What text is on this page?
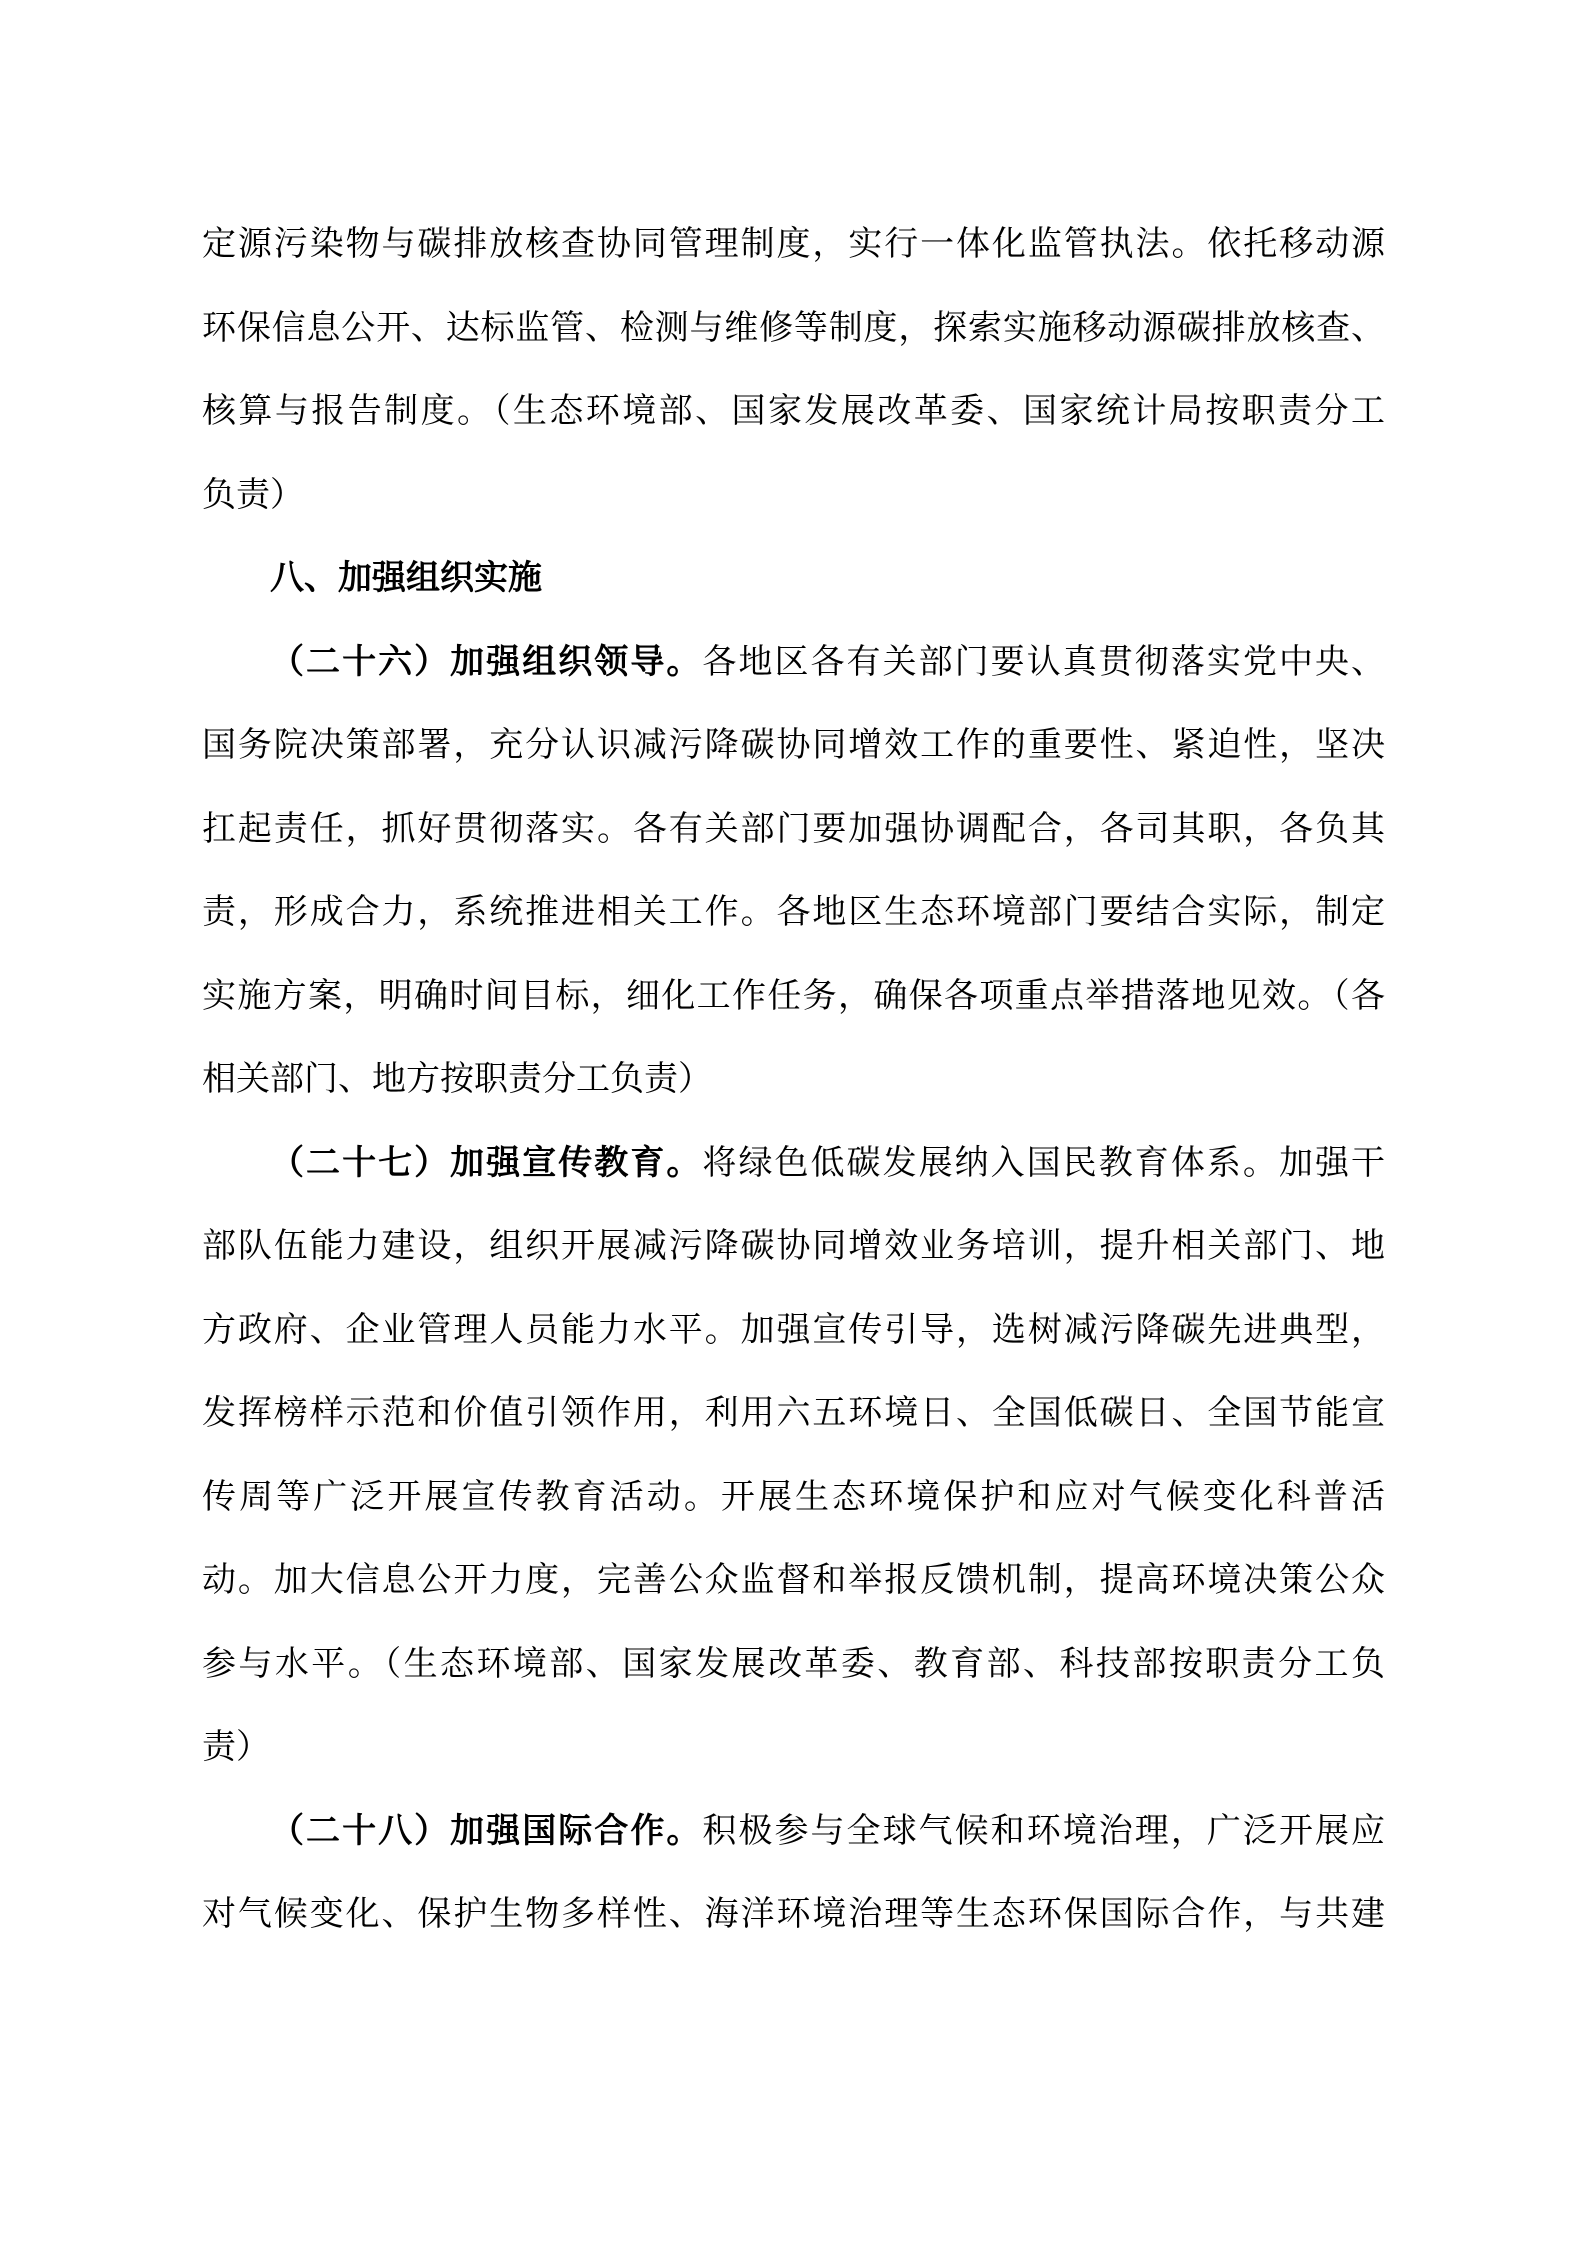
定源污染物与碳排放核查协同管理制度，实行一体化监管执法。依托移动源
环保信息公开、达标监管、检测与维修等制度，探索实施移动源碳排放核查、
核算与报告制度。（生态环境部、国家发展改革委、国家统计局按职责分工
负责）
八、加强组织实施
（二十六）加强组织领导。各地区各有关部门要认真贯彻落实党中央、
国务院决策部署，充分认识减污降碳协同增效工作的重要性、紧迫性，坚决
扛起责任，抓好贯彻落实。各有关部门要加强协调配合，各司其职，各负其
责，形成合力，系统推进相关工作。各地区生态环境部门要结合实际，制定
实施方案，明确时间目标，细化工作任务，确保各项重点举措落地见效。（各
相关部门、地方按职责分工负责）
（二十七）加强宣传教育。将绿色低碳发展纳入国民教育体系。加强干
部队伍能力建设，组织开展减污降碳协同增效业务培训，提升相关部门、地
方政府、企业管理人员能力水平。加强宣传引导，选树减污降碳先进典型，
发挥榜样示范和价值引领作用，利用六五环境日、全国低碳日、全国节能宣
传周等广泛开展宣传教育活动。开展生态环境保护和应对气候变化科普活
动。加大信息公开力度，完善公众监督和举报反馈机制，提高环境决策公众
参与水平。（生态环境部、国家发展改革委、教育部、科技部按职责分工负
责）
（二十八）加强国际合作。积极参与全球气候和环境治理，广泛开展应
对气候变化、保护生物多样性、海洋环境治理等生态环保国际合作，与共建
